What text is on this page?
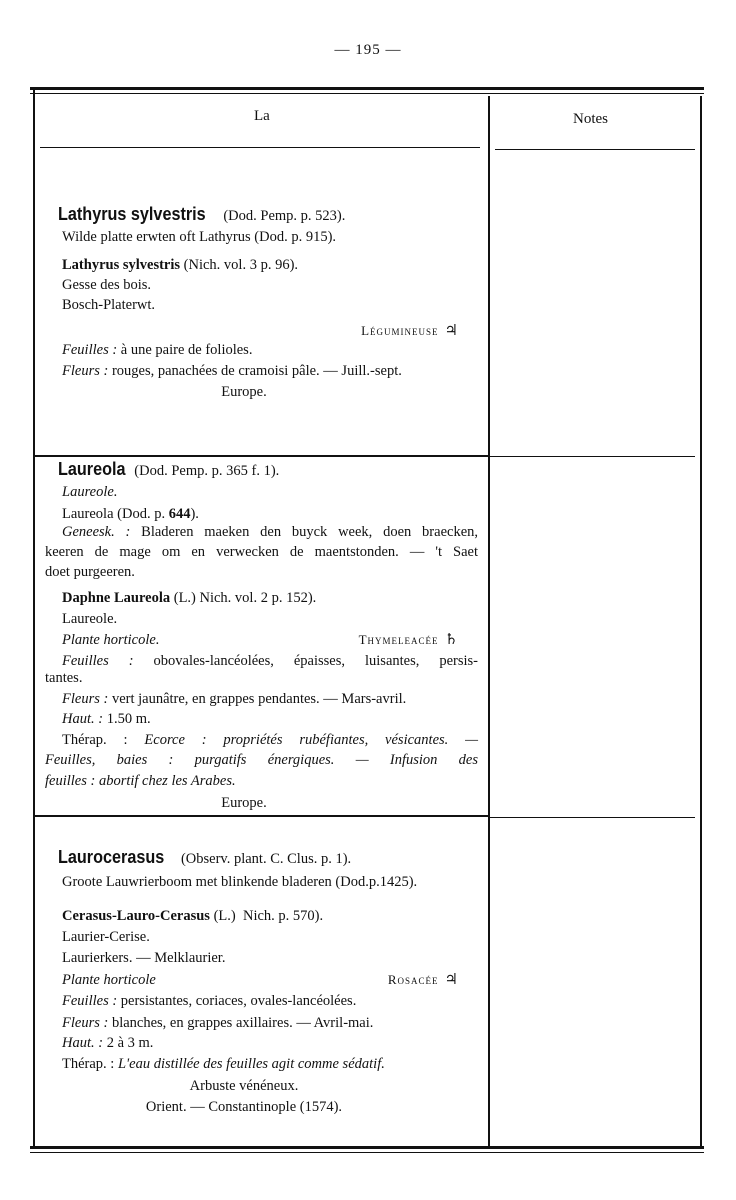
— 195 —
La	Notes
Lathyrus sylvestris  (Dod. Pemp. p. 523).
Wilde platte erwten oft Lathyrus (Dod. p. 915).
Lathyrus sylvestris (Nich. vol. 3 p. 96).
Gesse des bois.
Bosch-Platerwt.
Légumineuse ♃
Feuilles : à une paire de folioles.
Fleurs : rouges, panachées de cramoisi pâle. — Juill.-sept.
Europe.
Laureola  (Dod. Pemp. p. 365 f. 1).
Laureole.
Laureola (Dod. p. 644).
Geneesk. : Bladeren maeken den buyck week, doen braecken,
keeren de mage om en verwecken de maentstonden. — 't Saet
doet purgeeren.
Daphne Laureola (L.) Nich. vol. 2 p. 152).
Laureole.
Plante horticole.	Thymeleacée ♄
Feuilles : obovales-lancéolées, épaisses, luisantes, persis-
tantes.
Fleurs : vert jaunâtre, en grappes pendantes. — Mars-avril.
Haut. : 1.50 m.
Thérap. : Ecorce : propriétés rubéfiantes, vésicantes. —
Feuilles, baies : purgatifs énergiques. — Infusion des
feuilles : abortif chez les Arabes.
Europe.
Laurocerasus   (Observ. plant. C. Clus. p. 1).
Groote Lauwrierboom met blinkende bladeren (Dod.p.1425).
Cerasus-Lauro-Cerasus (L.)  Nich. p. 570).
Laurier-Cerise.
Laurierkers. — Melklaurier.
Plante horticole	Rosacée ♃
Feuilles : persistantes, coriaces, ovales-lancéolées.
Fleurs : blanches, en grappes axillaires. — Avril-mai.
Haut. : 2 à 3 m.
Thérap. : L'eau distillée des feuilles agit comme sédatif.
Arbuste vénéneux.
Orient. — Constantinople (1574).
